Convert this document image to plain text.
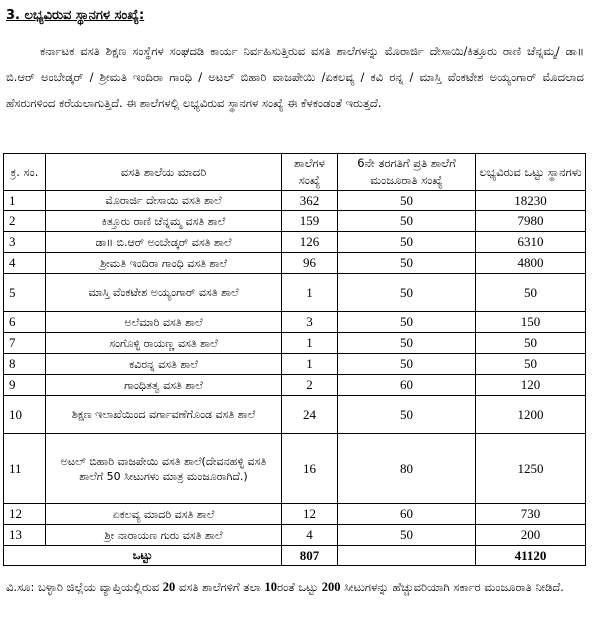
3. ಲಭ್ಯವಿರುವ ಸ್ಥಾನಗಳ ಸಂಖ್ಯೆ:
ಕರ್ನಾಟಕ ವಸತಿ ಶಿಕ್ಷಣ ಸಂಸ್ಥೆಗಳ ಸಂಘದಡಿ ಕಾರ್ಯ ನಿರ್ವಹಿಸುತ್ತಿರುವ ವಸತಿ ಶಾಲೆಗಳನ್ನು ಮೊರಾರ್ಜಿ ದೇಸಾಯಿ/ಕಿತ್ತೂರು ರಾಣಿ ಚೆನ್ನಮ್ಮ/ ಡಾ॥ ಬಿ.ಆರ್ ಅಂಬೇಡ್ಕರ್ / ಶ್ರೀಮತಿ ಇಂದಿರಾ ಗಾಂಧಿ / ಅಟಲ್ ಬಿಹಾರಿ ವಾಜಪೇಯಿ /ಏಕಲವ್ಯ / ಕವಿ ರನ್ನ / ಮಾಸ್ತಿ ವೆಂಕಟೇಶ ಅಯ್ಯಂಗಾರ್ ಮೊದಲಾದ ಹೆಸರುಗಳಿಂದ ಕರೆಯಲಾಗುತ್ತಿದೆ. ಈ ಶಾಲೆಗಳಲ್ಲಿ ಲಭ್ಯವಿರುವ ಸ್ಥಾನಗಳ ಸಂಖ್ಯೆ ಈ ಕೆಳಕಂಡಂತೆ ಇರುತ್ತದೆ.
ಕ್ರ. ಸಂ.	ವಸತಿ ಶಾಲೆಯ ಮಾದರಿ	ಶಾಲೆಗಳ ಸಂಖ್ಯೆ	6ನೇ ತರಗತಿಗೆ ಪ್ರತಿ ಶಾಲೆಗೆ ಮಂಜೂರಾತಿ ಸಂಖ್ಯೆ	ಲಭ್ಯವಿರುವ ಒಟ್ಟು ಸ್ಥಾನಗಳು
1	ಮೊರಾರ್ಜಿ ದೇಸಾಯಿ ವಸತಿ ಶಾಲೆ	362	50	18230
2	ಕಿತ್ತೂರು ರಾಣಿ ಚೆನ್ನಮ್ಮ ವಸತಿ ಶಾಲೆ	159	50	7980
3	ಡಾ॥ ಬಿ.ಆರ್ ಅಂಬೇಡ್ಕರ್ ವಸತಿ ಶಾಲೆ	126	50	6310
4	ಶ್ರೀಮತಿ ಇಂದಿರಾ ಗಾಂಧಿ ವಸತಿ ಶಾಲೆ	96	50	4800
5	ಮಾಸ್ತಿ ವೆಂಕಟೇಶ ಅಯ್ಯಂಗಾರ್ ವಸತಿ ಶಾಲೆ	1	50	50
6	ಅಲೆಮಾರಿ ವಸತಿ ಶಾಲೆ	3	50	150
7	ಸಂಗೊಳ್ಳಿ ರಾಯಣ್ಣ ವಸತಿ ಶಾಲೆ	1	50	50
8	ಕವಿರನ್ನ ವಸತಿ ಶಾಲೆ	1	50	50
9	ಗಾಂಧಿತತ್ವ ವಸತಿ ಶಾಲೆ	2	60	120
10	ಶಿಕ್ಷಣ ಇಲಾಖೆಯಿಂದ ವರ್ಗಾವಣೆಗೊಂಡ ವಸತಿ ಶಾಲೆ	24	50	1200
11	ಅಟಲ್ ಬಿಹಾರಿ ವಾಜಪೇಯಿ ವಸತಿ ಶಾಲೆ(ದೇವನಹಳ್ಳಿ ವಸತಿ ಶಾಲೆಗೆ 50 ಸೀಟುಗಳು ಮಾತ್ರ ಮಂಜೂರಾಗಿದೆ.)	16	80	1250
12	ಏಕಲವ್ಯ ಮಾದರಿ ವಸತಿ ಶಾಲೆ	12	60	730
13	ಶ್ರೀ ನಾರಾಯಣ ಗುರು ವಸತಿ ಶಾಲೆ	4	50	200
ಒಟ್ಟು		807		41120
ವಿ.ಸೂ: ಬಳ್ಳಾರಿ ಜಿಲ್ಲೆಯ ವ್ಯಾಪ್ತಿಯಲ್ಲಿರುವ 20 ವಸತಿ ಶಾಲೆಗಳಿಗೆ ತಲಾ 10ರಂತೆ ಒಟ್ಟು 200 ಸೀಟುಗಳನ್ನು ಹೆಚ್ಚುವರಿಯಾಗಿ ಸರ್ಕಾರ ಮಂಜೂರಾತಿ ನೀಡಿದೆ.
